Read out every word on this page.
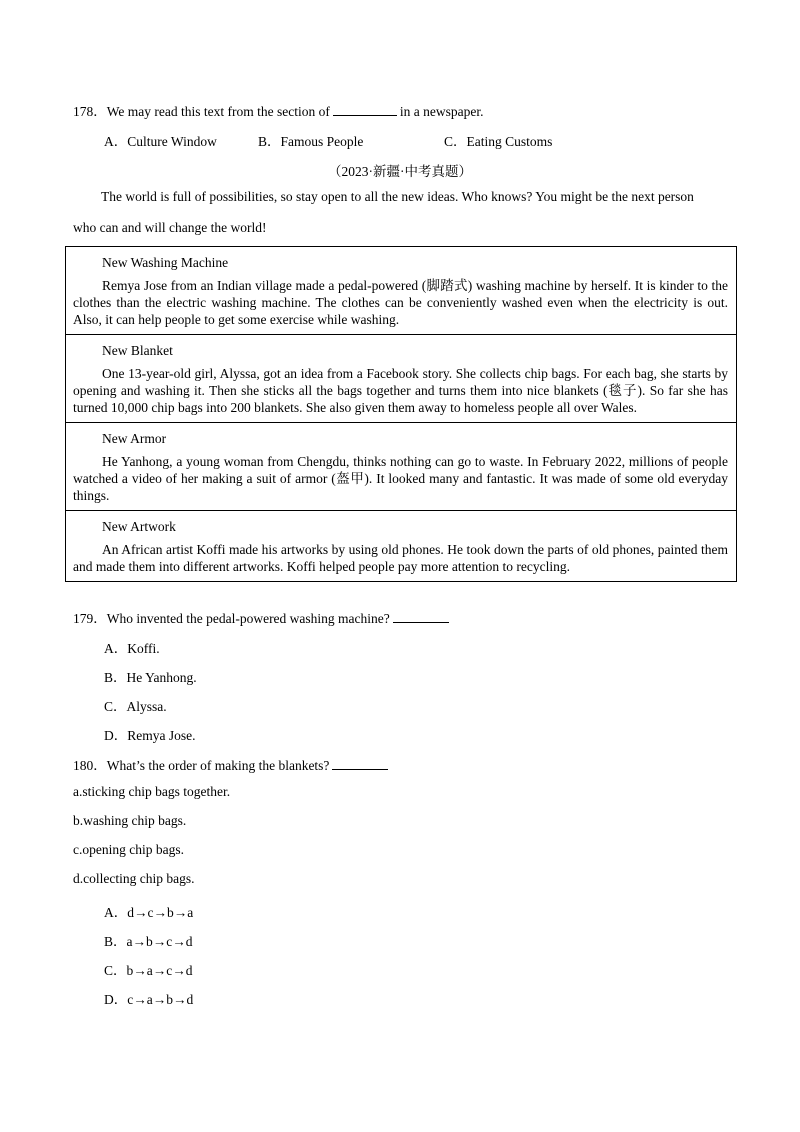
178．We may read this text from the section of	in a newspaper.
A．Culture Window	B．Famous People	C．Eating Customs
（2023·新疆·中考真题）
The world is full of possibilities, so stay open to all the new ideas. Who knows? You might be the next person
who can and will change the world!
New Washing Machine
Remya Jose from an Indian village made a pedal-powered (脚踏式) washing machine by herself. It is kinder to the clothes than the electric washing machine. The clothes can be conveniently washed even when the electricity is out. Also, it can help people to get some exercise while washing.
New Blanket
One 13-year-old girl, Alyssa, got an idea from a Facebook story. She collects chip bags. For each bag, she starts by opening and washing it. Then she sticks all the bags together and turns them into nice blankets (毯子). So far she has turned 10,000 chip bags into 200 blankets. She also given them away to homeless people all over Wales.
New Armor
He Yanhong, a young woman from Chengdu, thinks nothing can go to waste. In February 2022, millions of people watched a video of her making a suit of armor (盔甲). It looked many and fantastic. It was made of some old everyday things.
New Artwork
An African artist Koffi made his artworks by using old phones. He took down the parts of old phones, painted them and made them into different artworks. Koffi helped people pay more attention to recycling.
179．Who invented the pedal-powered washing machine?
A．Koffi.
B．He Yanhong.
C．Alyssa.
D．Remya Jose.
180．What’s the order of making the blankets?
a.sticking chip bags together.
b.washing chip bags.
c.opening chip bags.
d.collecting chip bags.
A．d→c→b→a
B．a→b→c→d
C．b→a→c→d
D．c→a→b→d
